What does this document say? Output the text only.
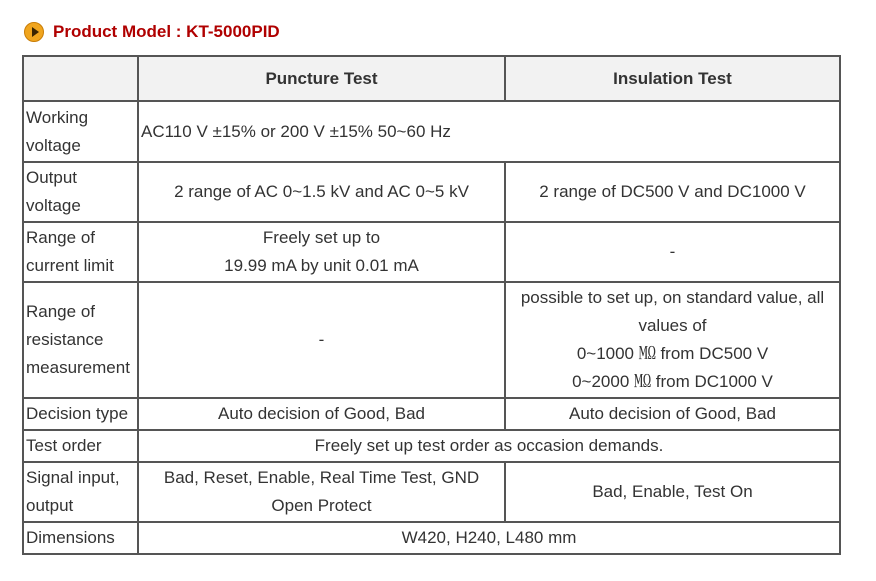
Product Model : KT-5000PID
	Puncture Test	Insulation Test

Working
voltage	AC110 V ±15% or 200 V ±15% 50~60 Hz	

Output
voltage	2 range of AC 0~1.5 kV and AC 0~5 kV	2 range of DC500 V and DC1000 V

Range of
current limit	Freely set up to
19.99 mA by unit 0.01 mA	-

Range of
resistance
measurement	-	possible to set up, on standard value, all
values of
0~1000 ㏁ from DC500 V
0~2000 ㏁ from DC1000 V

Decision type	Auto decision of Good, Bad	Auto decision of Good, Bad
Test order	Freely set up test order as occasion demands.	

Signal input,
output	Bad, Reset, Enable, Real Time Test, GND
Open Protect	Bad, Enable, Test On
Dimensions	W420, H240, L480 mm	
